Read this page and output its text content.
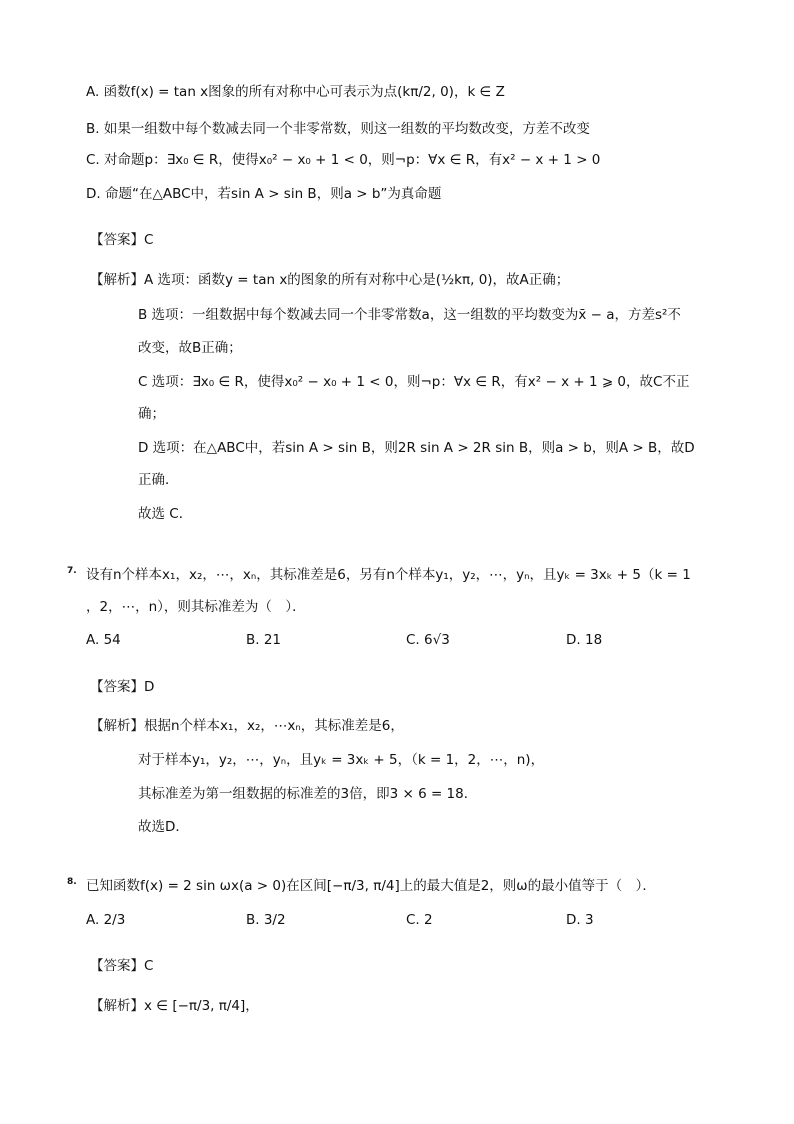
A. 函数f(x) = tan x图象的所有对称中心可表示为点(kπ/2, 0)，k ∈ Z
B. 如果一组数中每个数减去同一个非零常数，则这一组数的平均数改变，方差不改变
C. 对命题p：∃x₀ ∈ R，使得x₀² − x₀ + 1 < 0，则¬p：∀x ∈ R，有x² − x + 1 > 0
D. 命题“在△ABC中，若sin A > sin B，则a > b”为真命题
【答案】C
【解析】A 选项：函数y = tan x的图象的所有对称中心是(½kπ, 0)，故A正确；
B 选项：一组数据中每个数减去同一个非零常数a，这一组数的平均数变为x̄ − a，方差s²不
改变，故B正确；
C 选项：∃x₀ ∈ R，使得x₀² − x₀ + 1 < 0，则¬p：∀x ∈ R，有x² − x + 1 ⩾ 0，故C不正
确；
D 选项：在△ABC中，若sin A > sin B，则2R sin A > 2R sin B，则a > b，则A > B，故D
正确．
故选 C．
7. 设有n个样本x₁，x₂，⋯，xₙ，其标准差是6，另有n个样本y₁，y₂，⋯，yₙ，且yₖ = 3xₖ + 5（k = 1
，2，⋯，n），则其标准差为（　）．
A. 54	B. 21	C. 6√3	D. 18
【答案】D
【解析】根据n个样本x₁，x₂，⋯xₙ，其标准差是6，
对于样本y₁，y₂，⋯，yₙ，且yₖ = 3xₖ + 5，（k = 1，2，⋯，n)，
其标准差为第一组数据的标准差的3倍，即3 × 6 = 18．
故选D．
8. 已知函数f(x) = 2 sin ωx(a > 0)在区间[−π/3, π/4]上的最大值是2，则ω的最小值等于（　）．
A. 2/3	B. 3/2	C. 2	D. 3
【答案】C
【解析】x ∈ [−π/3, π/4]，
